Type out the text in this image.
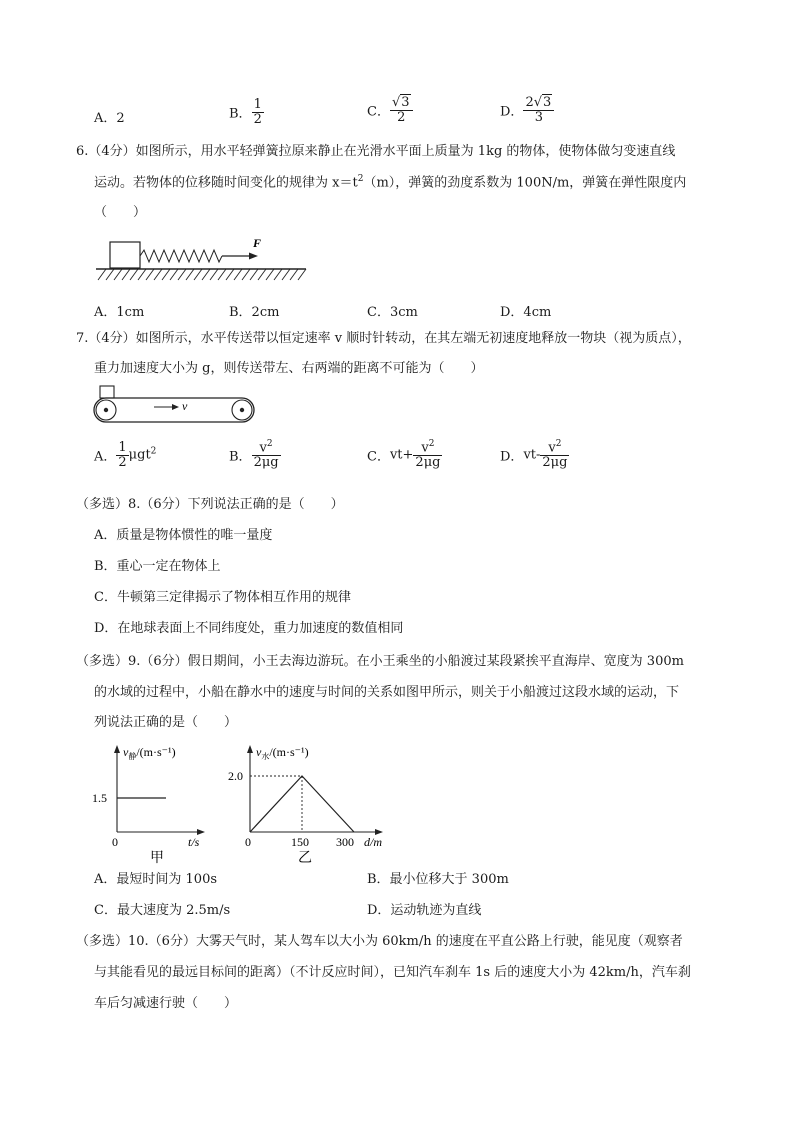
A．2	B． $\frac{1}{2}$	C． $\frac{√3}{2}$	D． $\frac{2√3}{3}$
6.（4分）如图所示，用水平轻弹簧拉原来静止在光滑水平面上质量为 1kg 的物体，使物体做匀变速直线
运动。若物体的位移随时间变化的规律为 $x=t^2(m)$，弹簧的劲度系数为 100N/m，弹簧在弹性限度内
（　　）
F
A．1cm	B．2cm	C．3cm	D．4cm
7.（4分）如图所示，水平传送带以恒定速率 v 顺时针转动，在其左端无初速度地释放一物块（视为质点），
重力加速度大小为 g，则传送带左、右两端的距离不可能为（　　）
v
A． $\frac{1}{2} \mu gt^2$	B． $\frac{v^2}{2\mu g}$	C．$vt+ \frac{v^2}{2\mu g}$	D．$vt- \frac{v^2}{2\mu g}$
（多选）8.（6分）下列说法正确的是（　　）
A．质量是物体惯性的唯一量度
B．重心一定在物体上
C．牛顿第三定律揭示了物体相互作用的规律
D．在地球表面上不同纬度处，重力加速度的数值相同
（多选）9.（6分）假日期间，小王去海边游玩。在小王乘坐的小船渡过某段紧挨平直海岸、宽度为 300m
的水域的过程中，小船在静水中的速度与时间的关系如图甲所示，则关于小船渡过这段水域的运动，下
列说法正确的是（　　）
$v_静/(m\cdot s^{-1})$
1.5
0	t/s
甲
$v_水/(m\cdot s^{-1})$
2.0
0	150 300 d/m
乙
A．最短时间为 100s	B．最小位移大于 300m
C．最大速度为 2.5m/s	D．运动轨迹为直线
（多选）10.（6分）大雾天气时，某人驾车以大小为 60km/h 的速度在平直公路上行驶，能见度（观察者
与其能看见的最远目标间的距离）（不计反应时间），已知汽车刹车 1s 后的速度大小为 42km/h，汽车刹
车后匀减速行驶（　　）
